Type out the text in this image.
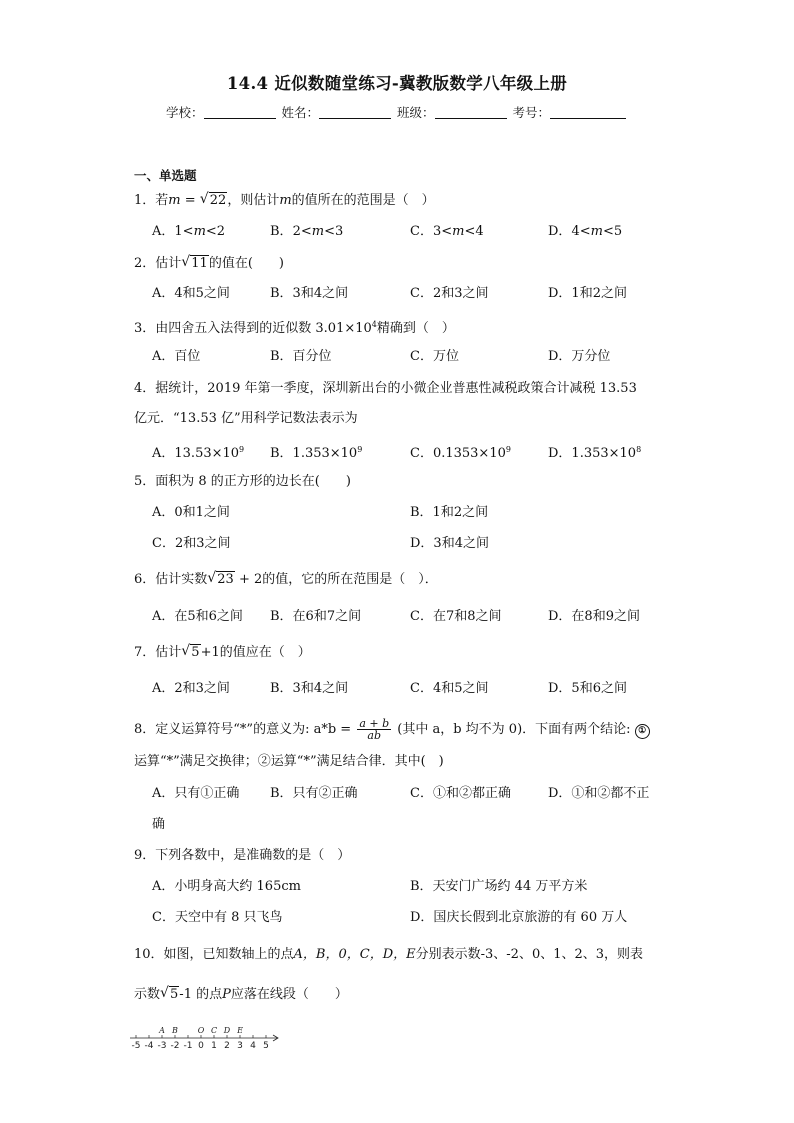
14.4 近似数随堂练习-冀教版数学八年级上册
学校：	姓名：	班级：	考号：
一、单选题
1．若m = √ 22，则估计m的值所在的范围是（　）
A．1<m<2	B．2<m<3	C．3<m<4	D．4<m<5
2．估计 √ 11的值在(　　)
A．4和5之间	B．3和4之间	C．2和3之间	D．1和2之间
3．由四舍五入法得到的近似数 $3.01\times 10^4$精确到（　）
A．百位	B．百分位	C．万位	D．万分位
4．据统计，2019 年第一季度，深圳新出台的小微企业普惠性减税政策合计减税 13.53
亿元．“13.53 亿”用科学记数法表示为
A．$13.53\times 10^9$ B．$1.353\times 10^9$	C．$0.1353\times 10^9$	D．$1.353\times 10^8$
5．面积为 8 的正方形的边长在(　　)
A．0和1之间	B．1和2之间
C．2和3之间	D．3和4之间
6．估计实数 √ 23 + 2的值，它的所在范围是（　）．
A．在5和6之间 B．在6和7之间	C．在7和8之间	D．在8和9之间
7．估计 √ 5+1的值应在（　）
A．2和3之间	B．3和4之间	C．4和5之间	D．5和6之间
8．定义运算符号“*”的意义为: $a*b = \frac{a + b}{ab}$ (其中 a，b 均不为 0)．下面有两个结论: ①
运算“*”满足交换律；②运算“*”满足结合律．其中(　)
A．只有①正确 B．只有②正确	C．①和②都正确	D．①和②都不正
确
9．下列各数中，是准确数的是（　）
A．小明身高大约 165cm	B．天安门广场约 44 万平方米
C．天空中有 8 只飞鸟	D．国庆长假到北京旅游的有 60 万人
10．如图，已知数轴上的点A，B，0，C，D，E分别表示数-3、-2、0、1、2、3，则表
示数 √ 5-1 的点P应落在线段（　　）
-5 -4 -3 -2 -1 0 1 2 3 4 5
A B O C D E
